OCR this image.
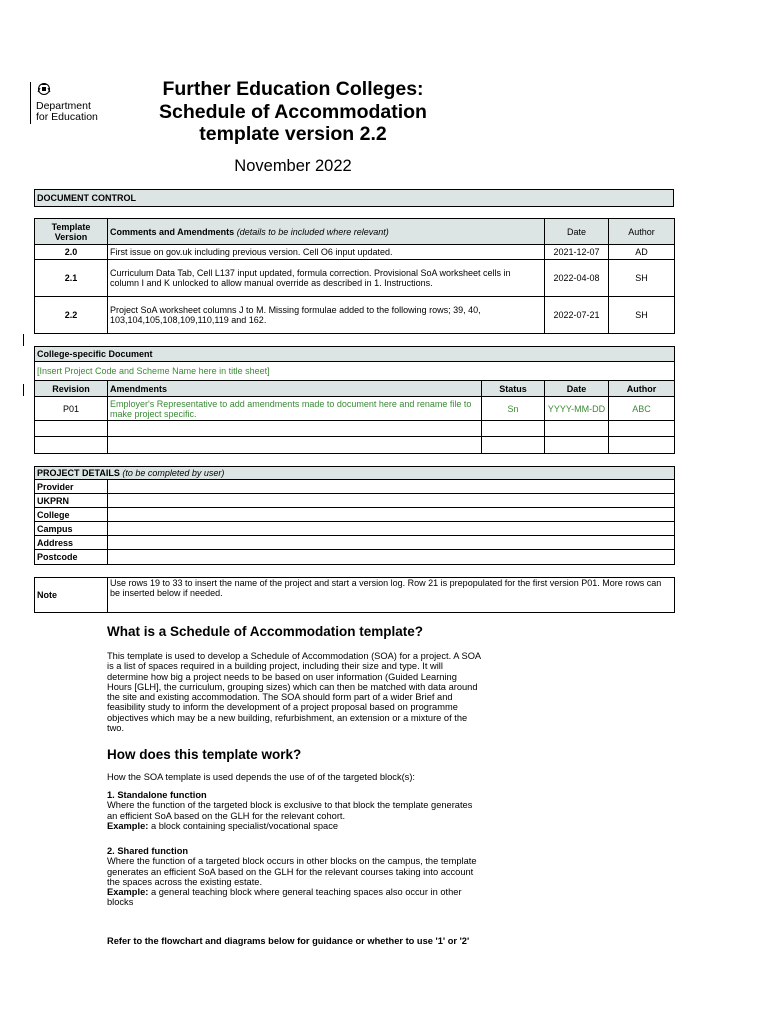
Department
for Education
Further Education Colleges:
Schedule of Accommodation
template version 2.2
November 2022
DOCUMENT CONTROL
Template Version	Comments and Amendments (details to be included where relevant)	Date	Author
2.0	First issue on gov.uk including previous version. Cell O6 input updated.	2021-12-07	AD
2.1	Curriculum Data Tab, Cell L137 input updated, formula correction. Provisional SoA worksheet cells in column I and K unlocked to allow manual override as described in 1. Instructions.	2022-04-08	SH
2.2	Project SoA worksheet columns J to M. Missing formulae added to the following rows; 39, 40, 103,104,105,108,109,110,119 and 162.	2022-07-21	SH
College-specific Document				
[Insert Project Code and Scheme Name here in title sheet]				
Revision	Amendments	Status	Date	Author
P01	Employer's Representative to add amendments made to document here and rename file to make project specific.	Sn	YYYY-MM-DD	ABC

PROJECT DETAILS (to be completed by user)	
Provider	
UKPRN	
College	
Campus	
Address	
Postcode	
Note	Use rows 19 to 33 to insert the name of the project and start a version log. Row 21 is prepopulated for the first version P01. More rows can be inserted below if needed.
What is a Schedule of Accommodation template?
This template is used to develop a Schedule of Accommodation (SOA) for a project. A SOA is a list of spaces required in a building project, including their size and type. It will determine how big a project needs to be based on user information (Guided Learning Hours [GLH], the curriculum, grouping sizes) which can then be matched with data around the site and existing accommodation. The SOA should form part of a wider Brief and feasibility study to inform the development of a project proposal based on programme objectives which may be a new building, refurbishment, an extension or a mixture of the two.
How does this template work?
How the SOA template is used depends the use of of the targeted block(s):
1. Standalone function
Where the function of the targeted block is exclusive to that block the template generates an efficient SoA based on the GLH for the relevant cohort.
Example: a block containing specialist/vocational space
2. Shared function
Where the function of a targeted block occurs in other blocks on the campus, the template generates an efficient SoA based on the GLH for the relevant courses taking into account the spaces across the existing estate.
Example: a general teaching block where general teaching spaces also occur in other blocks
Refer to the flowchart and diagrams below for guidance or whether to use '1' or '2'
